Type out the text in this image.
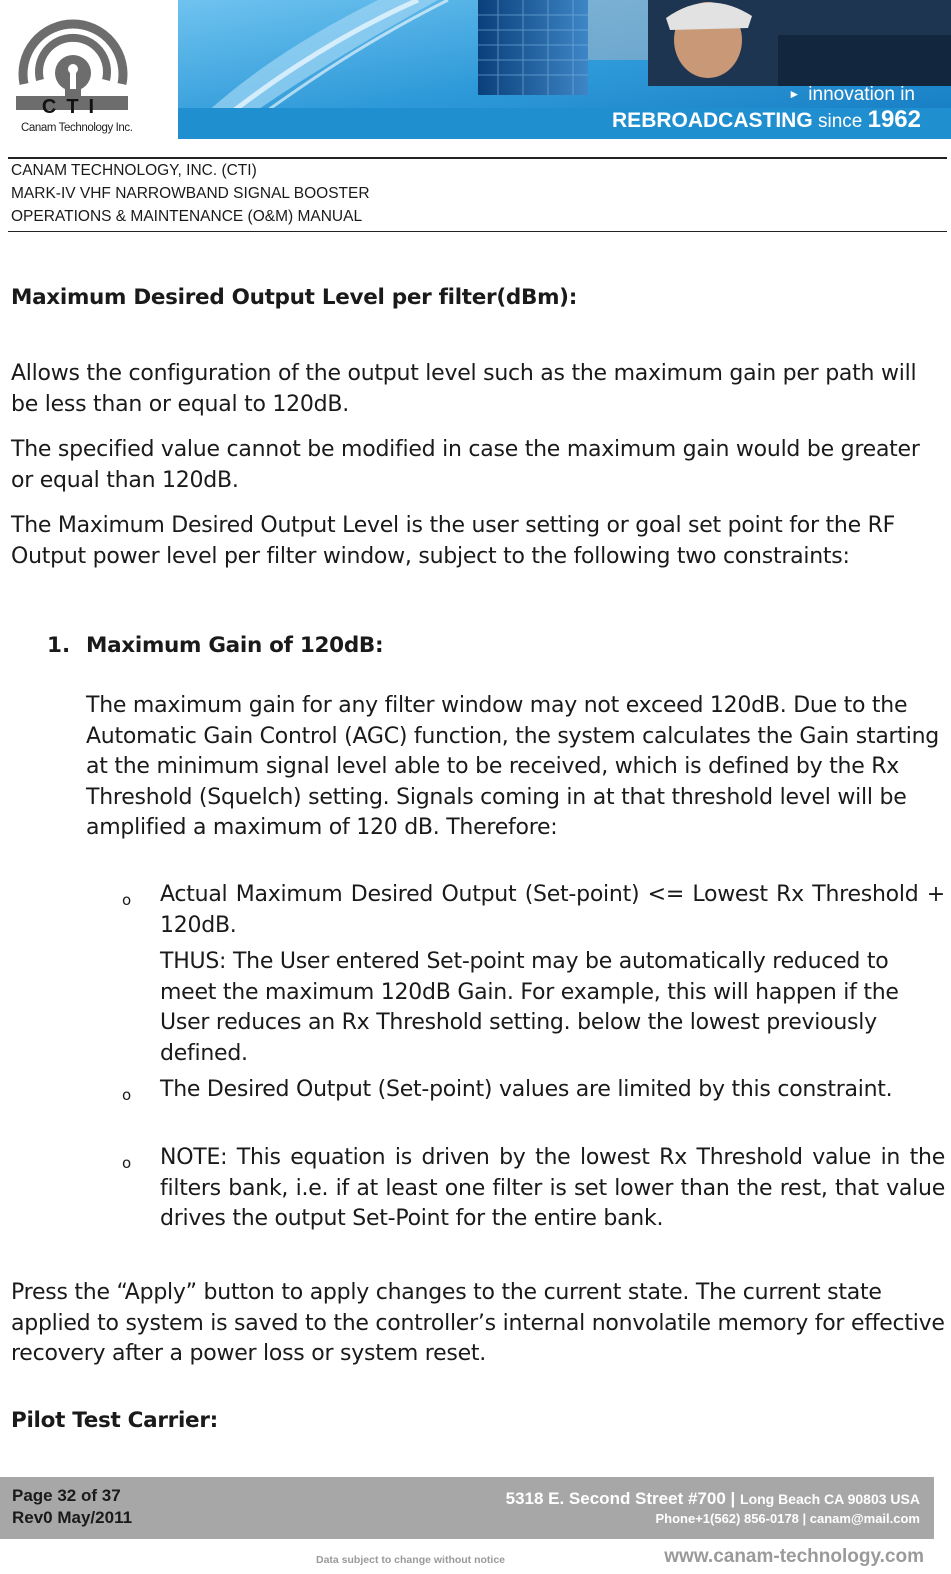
CTI
Canam Technology Inc.
► innovation in
REBROADCASTING since 1962
CANAM TECHNOLOGY, INC. (CTI)
MARK-IV VHF NARROWBAND SIGNAL BOOSTER
OPERATIONS & MAINTENANCE (O&M) MANUAL
Maximum Desired Output Level per filter(dBm):
Allows the configuration of the output level such as the maximum gain per path will be less than or equal to 120dB.
The specified value cannot be modified in case the maximum gain would be greater or equal than 120dB.
The Maximum Desired Output Level is the user setting or goal set point for the RF Output power level per filter window, subject to the following two constraints:
1. Maximum Gain of 120dB:
The maximum gain for any filter window may not exceed 120dB. Due to the Automatic Gain Control (AGC) function, the system calculates the Gain starting at the minimum signal level able to be received, which is defined by the Rx Threshold (Squelch) setting. Signals coming in at that threshold level will be amplified a maximum of 120 dB. Therefore:
o Actual Maximum Desired Output (Set-point) <= Lowest Rx Threshold + 120dB.
THUS: The User entered Set-point may be automatically reduced to meet the maximum 120dB Gain. For example, this will happen if the User reduces an Rx Threshold setting. below the lowest previously defined.
o The Desired Output (Set-point) values are limited by this constraint.
o NOTE: This equation is driven by the lowest Rx Threshold value in the filters bank, i.e. if at least one filter is set lower than the rest, that value drives the output Set-Point for the entire bank.
Press the “Apply” button to apply changes to the current state. The current state applied to system is saved to the controller’s internal nonvolatile memory for effective recovery after a power loss or system reset.
Pilot Test Carrier:
Page 32 of 37
Rev0 May/2011
5318 E. Second Street #700 | Long Beach CA 90803 USA
Phone+1(562) 856-0178 | canam@mail.com
Data subject to change without notice	www.canam-technology.com
